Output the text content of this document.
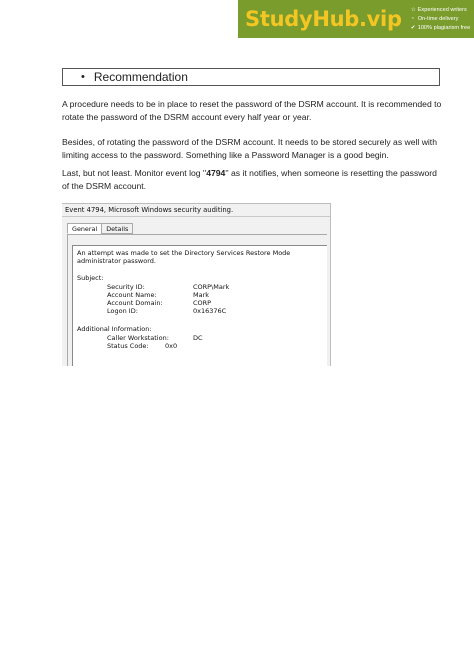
StudyHub.vip ☆ Experienced writers
◔ On-time delivery
✔ 100% plagiarism free
• Recommendation
A procedure needs to be in place to reset the password of the DSRM account. It is recommended to rotate the password of the DSRM account every half year or year.
Besides, of rotating the password of the DSRM account. It needs to be stored securely as well with limiting access to the password. Something like a Password Manager is a good begin.
Last, but not least. Monitor event log ''4794'' as it notifies, when someone is resetting the password of the DSRM account.
Event 4794, Microsoft Windows security auditing.
General	Details
An attempt was made to set the Directory Services Restore Mode
administrator password.
Subject:
Security ID:	CORP\Mark
Account Name:	Mark
Account Domain:	CORP
Logon ID:	0x16376C
Additional Information:
Caller Workstation:	DC
Status Code:	0x0
